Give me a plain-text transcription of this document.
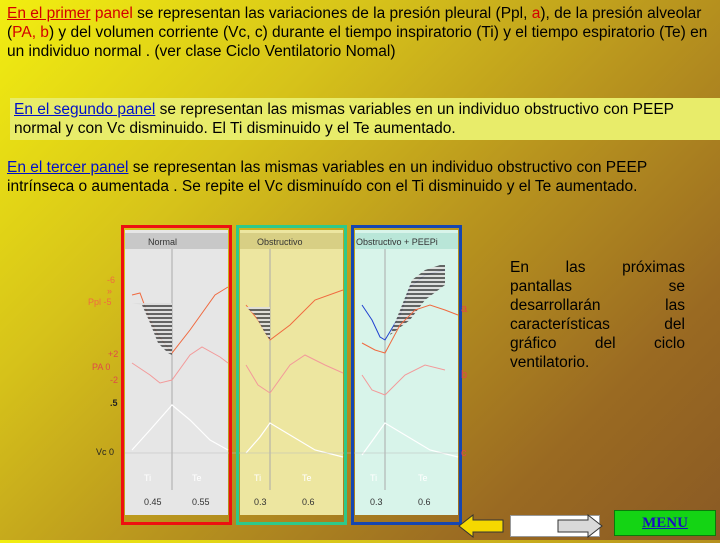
En el primer panel se representan las variaciones de la presión pleural (Ppl, a), de la presión alveolar (PA, b) y del volumen corriente (Vc, c) durante el tiempo inspiratorio (Ti) y el tiempo espiratorio (Te) en un individuo normal . (ver clase Ciclo Ventilatorio Nomal)
En el segundo panel se representan las mismas variables en un individuo obstructivo con PEEP normal y con Vc disminuido. El Ti disminuido y el Te aumentado.
En el tercer panel se representan las mismas variables en un individuo obstructivo con PEEP intrínseca o aumentada . Se repite el Vc disminuído con el Ti disminuido y el Te aumentado.
Normal	Obstructivo	Obstructivo + PEEPi
Ti	Te	Ti	Te	Ti	Te
0.45	0.55	0.3	0.6	0.3	0.6
-6
»
Ppl -5
+2
PA 0
-2
.5
Vc 0
a
b
c
En las próximas pantallas se desarrollarán las características del gráfico del ciclo ventilatorio.
MENU
